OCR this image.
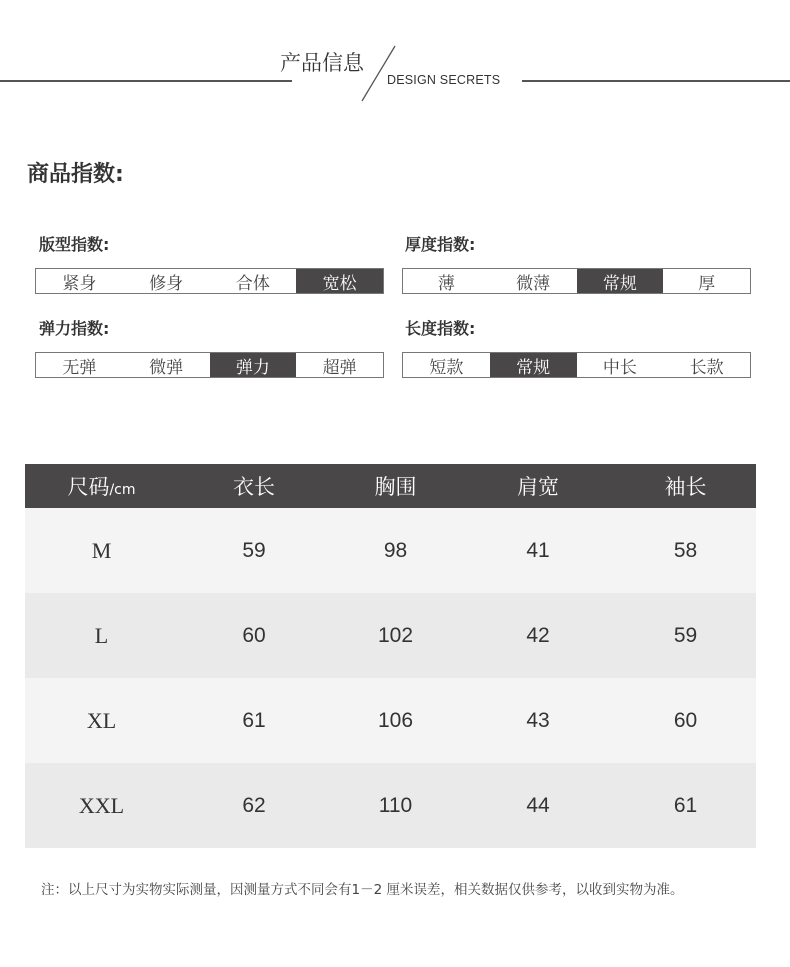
产品信息
DESIGN SECRETS
商品指数:
版型指数:
紧身	修身	合体	宽松
厚度指数:
薄	微薄	常规	厚
弹力指数:
无弹	微弹	弹力	超弹
长度指数:
短款	常规	中长	长款
尺码/cm	衣长	胸围	肩宽	袖长
M	59	98	41	58
L	60	102	42	59
XL	61	106	43	60
XXL	62	110	44	61
注：以上尺寸为实物实际测量，因测量方式不同会有1－2 厘米误差，相关数据仅供参考，以收到实物为准。
